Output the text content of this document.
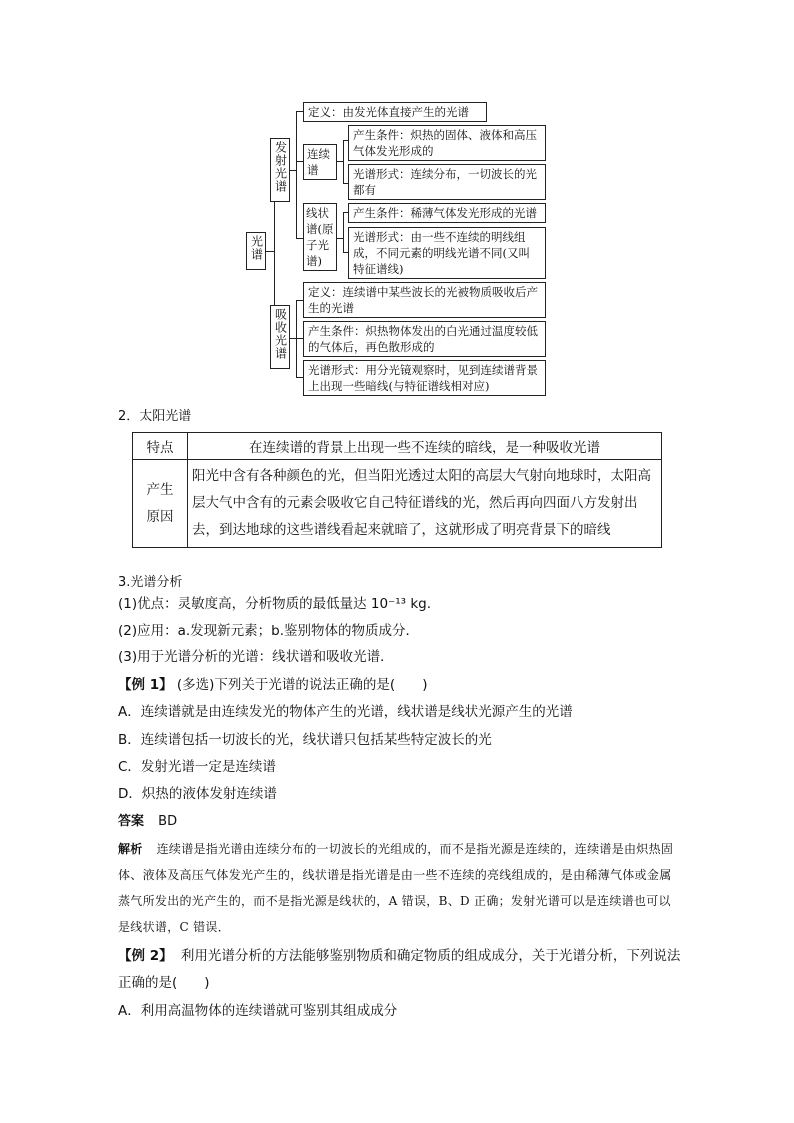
光谱
发射光谱
定义：由发光体直接产生的光谱
连续谱
产生条件：炽热的固体、液体和高压气体发光形成的
光谱形式：连续分布，一切波长的光都有
线状谱(原子光谱)
产生条件：稀薄气体发光形成的光谱
光谱形式：由一些不连续的明线组成，不同元素的明线光谱不同(又叫特征谱线)
吸收光谱
定义：连续谱中某些波长的光被物质吸收后产生的光谱
产生条件：炽热物体发出的白光通过温度较低的气体后，再色散形成的
光谱形式：用分光镜观察时，见到连续谱背景上出现一些暗线(与特征谱线相对应)
2．太阳光谱
特点	在连续谱的背景上出现一些不连续的暗线，是一种吸收光谱

产生
原因	阳光中含有各种颜色的光，但当阳光透过太阳的高层大气射向地球时，太阳高层大气中含有的元素会吸收它自己特征谱线的光，然后再向四面八方发射出去，到达地球的这些谱线看起来就暗了，这就形成了明亮背景下的暗线
3.光谱分析
(1)优点：灵敏度高，分析物质的最低量达 10⁻¹³ kg.
(2)应用：a.发现新元素；b.鉴别物体的物质成分．
(3)用于光谱分析的光谱：线状谱和吸收光谱．
【例 1】 (多选)下列关于光谱的说法正确的是(　　)
A．连续谱就是由连续发光的物体产生的光谱，线状谱是线状光源产生的光谱
B．连续谱包括一切波长的光，线状谱只包括某些特定波长的光
C．发射光谱一定是连续谱
D．炽热的液体发射连续谱
答案 BD
解析 连续谱是指光谱由连续分布的一切波长的光组成的，而不是指光源是连续的，连续谱是由炽热固体、液体及高压气体发光产生的，线状谱是指光谱是由一些不连续的亮线组成的，是由稀薄气体或金属蒸气所发出的光产生的，而不是指光源是线状的，A 错误，B、D 正确；发射光谱可以是连续谱也可以是线状谱，C 错误．
【例 2】 利用光谱分析的方法能够鉴别物质和确定物质的组成成分，关于光谱分析，下列说法
正确的是(　　)
A．利用高温物体的连续谱就可鉴别其组成成分
